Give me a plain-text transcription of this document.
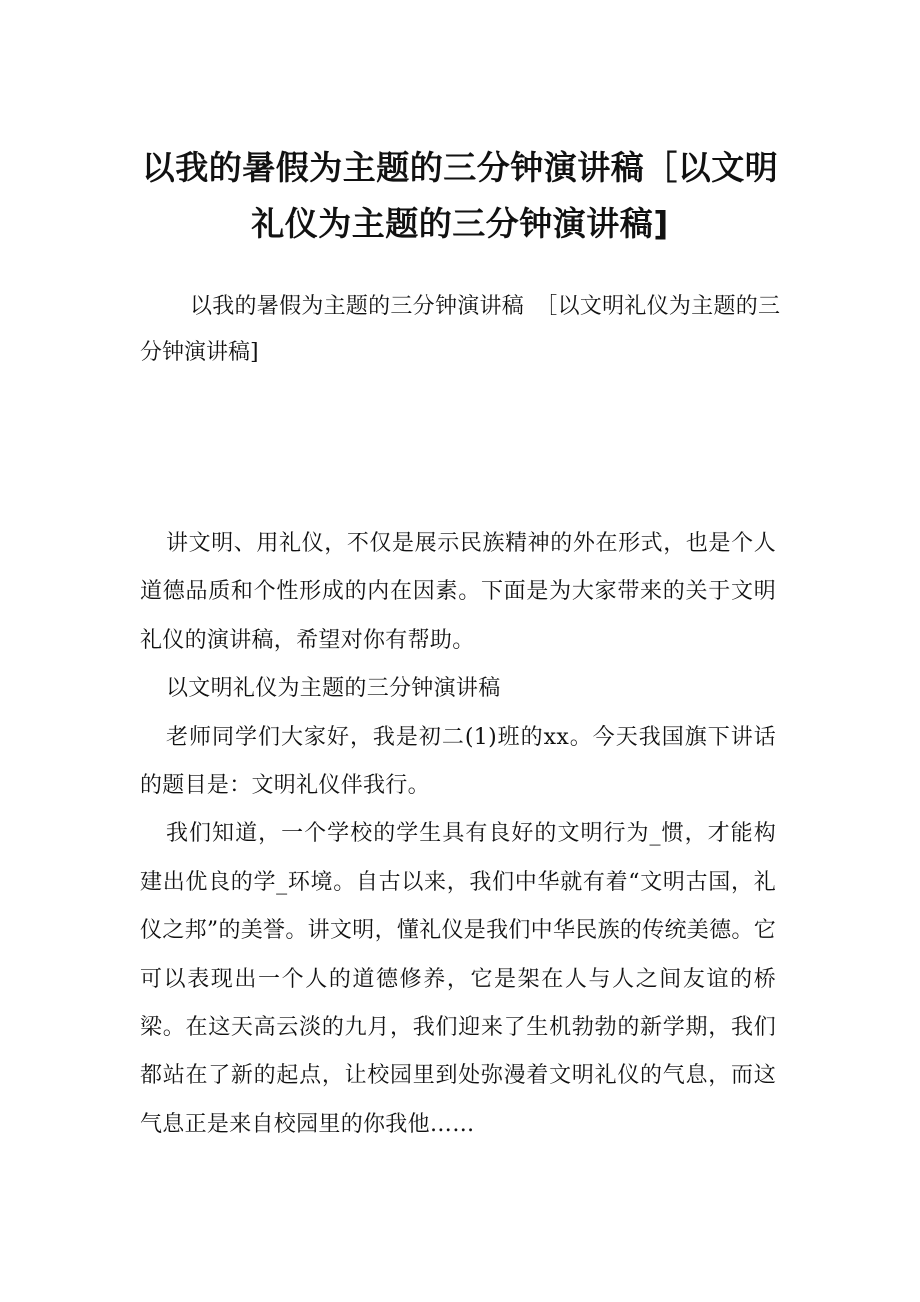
以我的暑假为主题的三分钟演讲稿［以文明礼仪为主题的三分钟演讲稿]

以我的暑假为主题的三分钟演讲稿　［以文明礼仪为主题的三分钟演讲稿]

讲文明、用礼仪，不仅是展示民族精神的外在形式，也是个人道德品质和个性形成的内在因素。下面是为大家带来的关于文明礼仪的演讲稿，希望对你有帮助。

以文明礼仪为主题的三分钟演讲稿

老师同学们大家好，我是初二(1)班的xx。今天我国旗下讲话的题目是：文明礼仪伴我行。

我们知道，一个学校的学生具有良好的文明行为_惯，才能构建出优良的学_环境。自古以来，我们中华就有着“文明古国，礼仪之邦”的美誉。讲文明，懂礼仪是我们中华民族的传统美德。它可以表现出一个人的道德修养，它是架在人与人之间友谊的桥梁。在这天高云淡的九月，我们迎来了生机勃勃的新学期，我们都站在了新的起点，让校园里到处弥漫着文明礼仪的气息，而这气息正是来自校园里的你我他……
